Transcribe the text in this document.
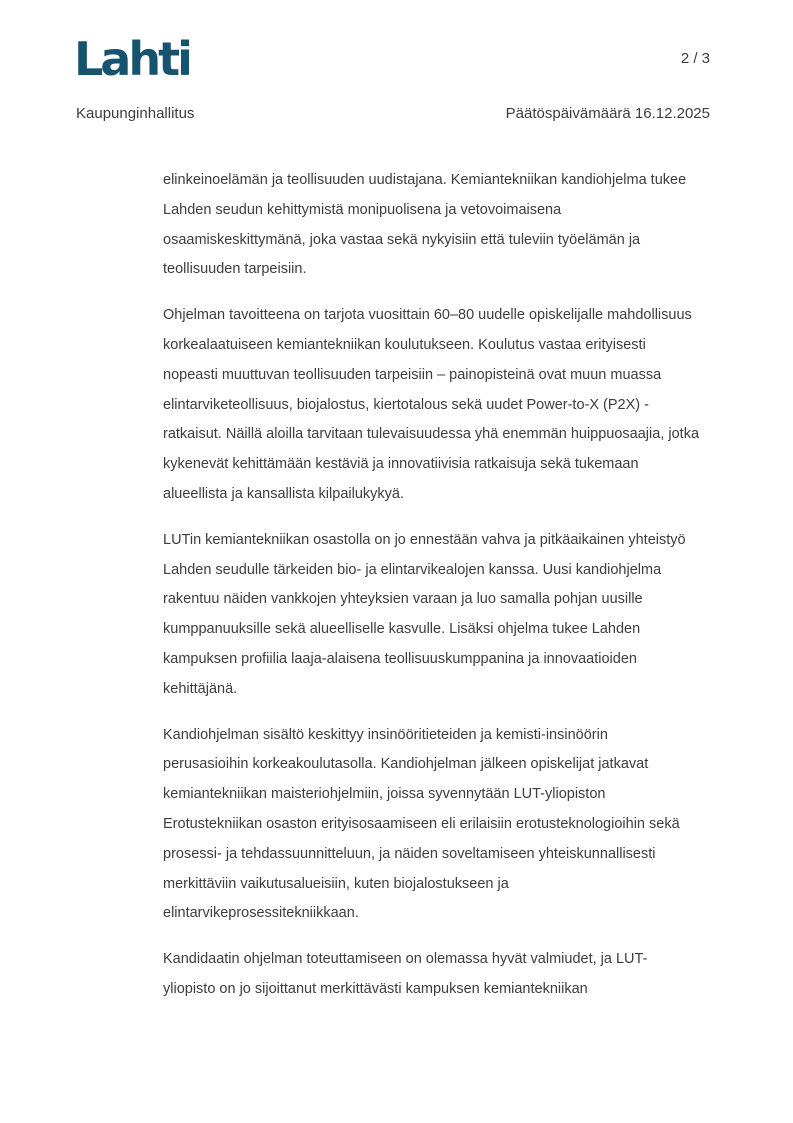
Lahti	2 / 3
Kaupunginhallitus	Päätöspäivämäärä 16.12.2025

elinkeinoelämän ja teollisuuden uudistajana. Kemiantekniikan kandiohjelma tukee
Lahden seudun kehittymistä monipuolisena ja vetovoimaisena
osaamiskeskittymänä, joka vastaa sekä nykyisiin että tuleviin työelämän ja
teollisuuden tarpeisiin.

Ohjelman tavoitteena on tarjota vuosittain 60–80 uudelle opiskelijalle mahdollisuus
korkealaatuiseen kemiantekniikan koulutukseen. Koulutus vastaa erityisesti
nopeasti muuttuvan teollisuuden tarpeisiin – painopisteinä ovat muun muassa
elintarviketeollisuus, biojalostus, kiertotalous sekä uudet Power-to-X (P2X) -
ratkaisut. Näillä aloilla tarvitaan tulevaisuudessa yhä enemmän huippuosaajia, jotka
kykenevät kehittämään kestäviä ja innovatiivisia ratkaisuja sekä tukemaan
alueellista ja kansallista kilpailukykyä.

LUTin kemiantekniikan osastolla on jo ennestään vahva ja pitkäaikainen yhteistyö
Lahden seudulle tärkeiden bio- ja elintarvikealojen kanssa. Uusi kandiohjelma
rakentuu näiden vankkojen yhteyksien varaan ja luo samalla pohjan uusille
kumppanuuksille sekä alueelliselle kasvulle. Lisäksi ohjelma tukee Lahden
kampuksen profiilia laaja-alaisena teollisuuskumppanina ja innovaatioiden
kehittäjänä.

Kandiohjelman sisältö keskittyy insinööritieteiden ja kemisti-insinöörin
perusasioihin korkeakoulutasolla. Kandiohjelman jälkeen opiskelijat jatkavat
kemiantekniikan maisteriohjelmiin, joissa syvennytään LUT-yliopiston
Erotustekniikan osaston erityisosaamiseen eli erilaisiin erotusteknologioihin sekä
prosessi- ja tehdassuunnitteluun, ja näiden soveltamiseen yhteiskunnallisesti
merkittäviin vaikutusalueisiin, kuten biojalostukseen ja
elintarvikeprosessitekniikkaan.

Kandidaatin ohjelman toteuttamiseen on olemassa hyvät valmiudet, ja LUT-
yliopisto on jo sijoittanut merkittävästi kampuksen kemiantekniikan
